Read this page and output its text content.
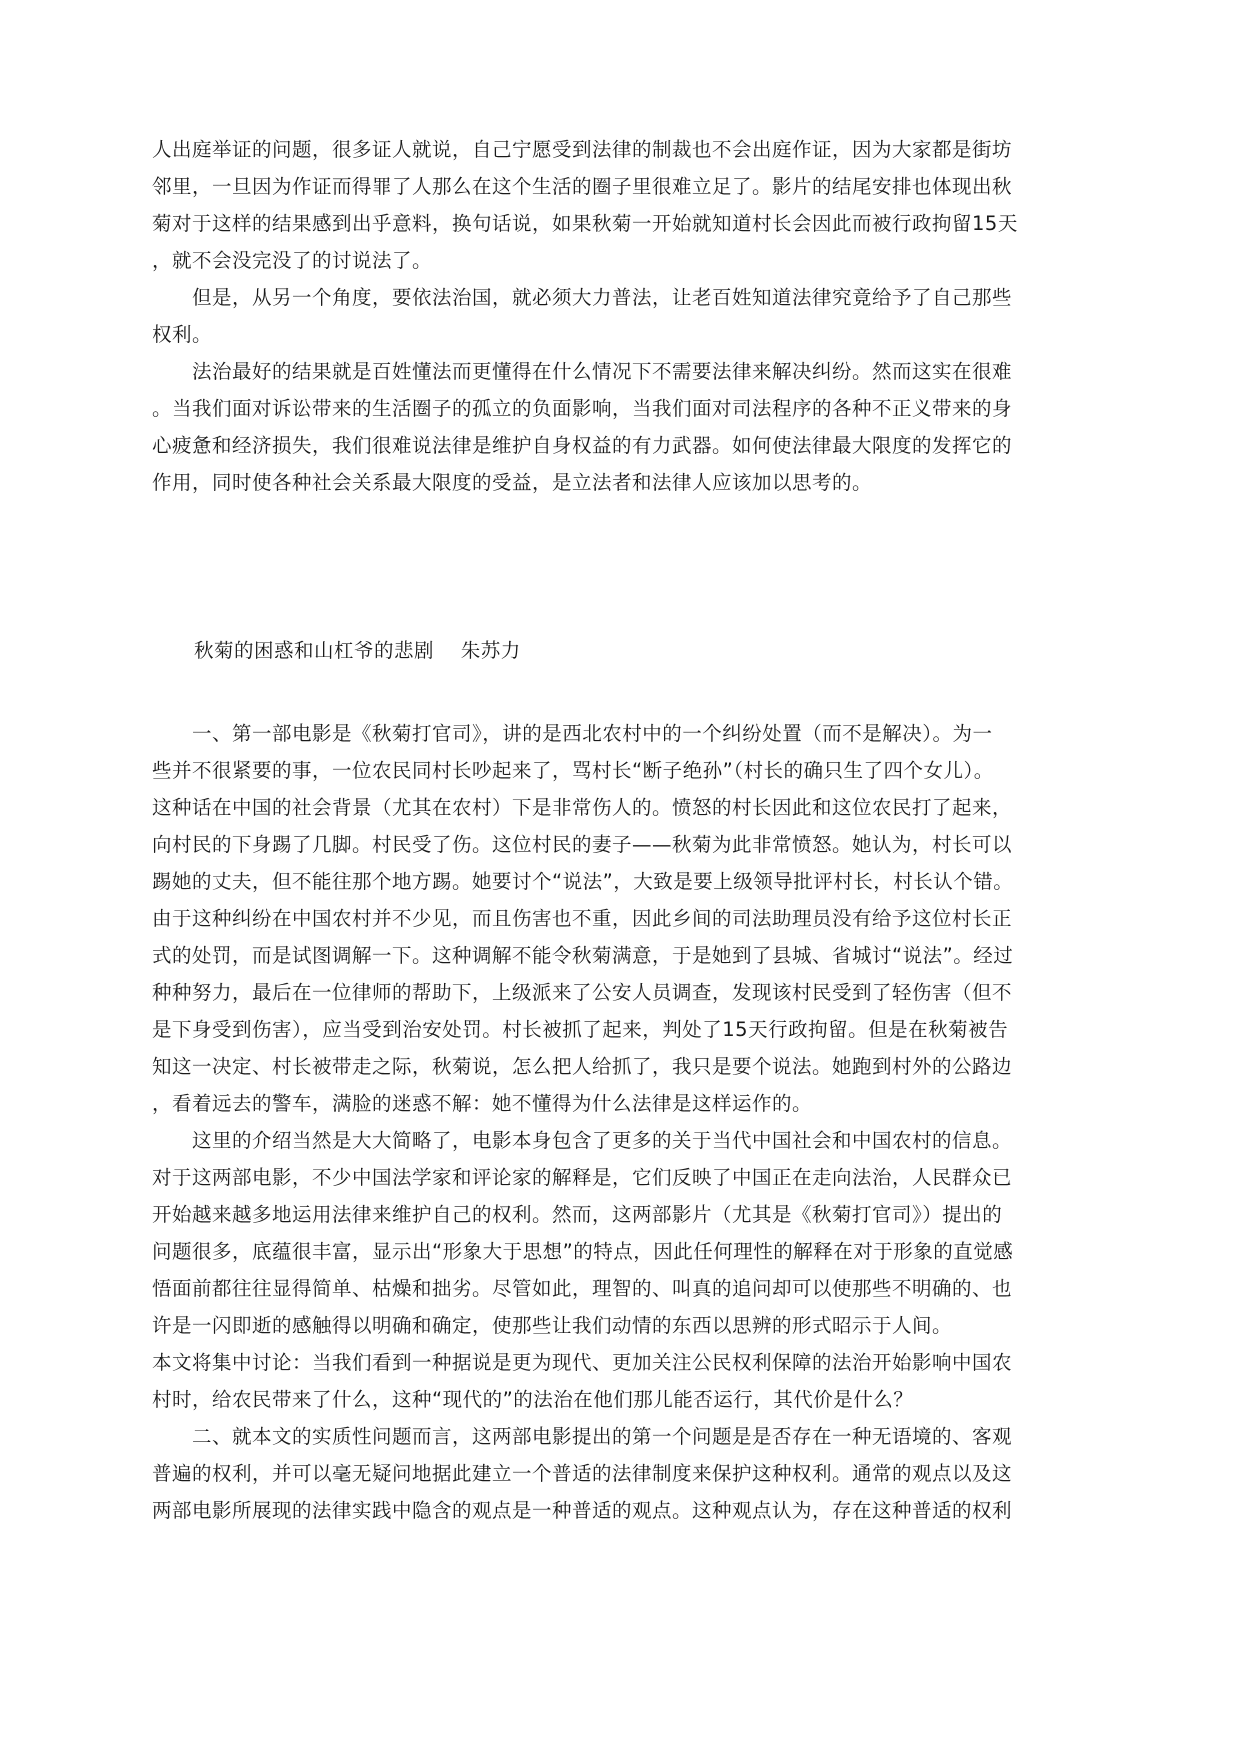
人出庭举证的问题，很多证人就说，自己宁愿受到法律的制裁也不会出庭作证，因为大家都是街坊
邻里，一旦因为作证而得罪了人那么在这个生活的圈子里很难立足了。影片的结尾安排也体现出秋
菊对于这样的结果感到出乎意料，换句话说，如果秋菊一开始就知道村长会因此而被行政拘留15天
，就不会没完没了的讨说法了。
　　但是，从另一个角度，要依法治国，就必须大力普法，让老百姓知道法律究竟给予了自己那些
权利。
　　法治最好的结果就是百姓懂法而更懂得在什么情况下不需要法律来解决纠纷。然而这实在很难
。当我们面对诉讼带来的生活圈子的孤立的负面影响，当我们面对司法程序的各种不正义带来的身
心疲惫和经济损失，我们很难说法律是维护自身权益的有力武器。如何使法律最大限度的发挥它的
作用，同时使各种社会关系最大限度的受益，是立法者和法律人应该加以思考的。
秋菊的困惑和山杠爷的悲剧　 朱苏力
　　一、第一部电影是《秋菊打官司》，讲的是西北农村中的一个纠纷处置（而不是解决）。为一
些并不很紧要的事，一位农民同村长吵起来了，骂村长“断子绝孙”（村长的确只生了四个女儿）。
这种话在中国的社会背景（尤其在农村）下是非常伤人的。愤怒的村长因此和这位农民打了起来，
向村民的下身踢了几脚。村民受了伤。这位村民的妻子——秋菊为此非常愤怒。她认为，村长可以
踢她的丈夫，但不能往那个地方踢。她要讨个“说法”，大致是要上级领导批评村长，村长认个错。
由于这种纠纷在中国农村并不少见，而且伤害也不重，因此乡间的司法助理员没有给予这位村长正
式的处罚，而是试图调解一下。这种调解不能令秋菊满意，于是她到了县城、省城讨“说法”。经过
种种努力，最后在一位律师的帮助下，上级派来了公安人员调查，发现该村民受到了轻伤害（但不
是下身受到伤害），应当受到治安处罚。村长被抓了起来，判处了15天行政拘留。但是在秋菊被告
知这一决定、村长被带走之际，秋菊说，怎么把人给抓了，我只是要个说法。她跑到村外的公路边
，看着远去的警车，满脸的迷惑不解：她不懂得为什么法律是这样运作的。
　　这里的介绍当然是大大简略了，电影本身包含了更多的关于当代中国社会和中国农村的信息。
对于这两部电影，不少中国法学家和评论家的解释是，它们反映了中国正在走向法治，人民群众已
开始越来越多地运用法律来维护自己的权利。然而，这两部影片（尤其是《秋菊打官司》）提出的
问题很多，底蕴很丰富，显示出“形象大于思想”的特点，因此任何理性的解释在对于形象的直觉感
悟面前都往往显得简单、枯燥和拙劣。尽管如此，理智的、叫真的追问却可以使那些不明确的、也
许是一闪即逝的感触得以明确和确定，使那些让我们动情的东西以思辨的形式昭示于人间。
本文将集中讨论：当我们看到一种据说是更为现代、更加关注公民权利保障的法治开始影响中国农
村时，给农民带来了什么，这种“现代的”的法治在他们那儿能否运行，其代价是什么？
　　二、就本文的实质性问题而言，这两部电影提出的第一个问题是是否存在一种无语境的、客观
普遍的权利，并可以毫无疑问地据此建立一个普适的法律制度来保护这种权利。通常的观点以及这
两部电影所展现的法律实践中隐含的观点是一种普适的观点。这种观点认为，存在这种普适的权利
